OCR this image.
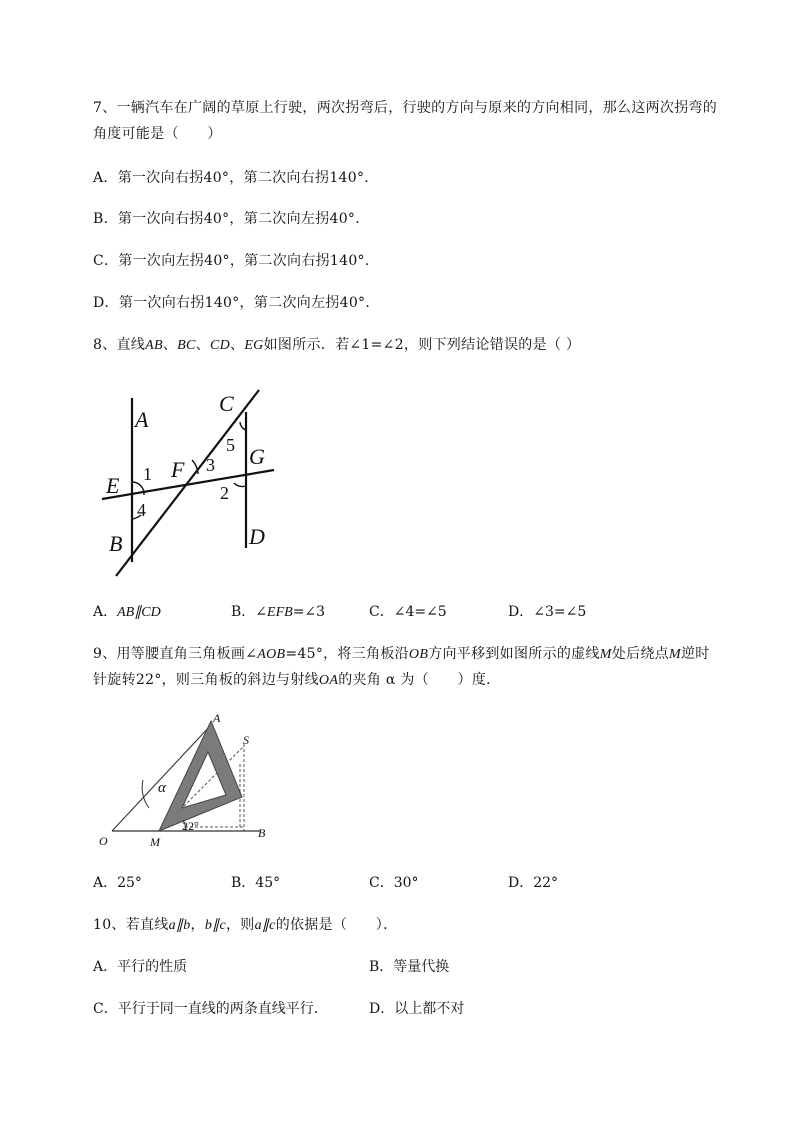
7、一辆汽车在广阔的草原上行驶，两次拐弯后，行驶的方向与原来的方向相同，那么这两次拐弯的
角度可能是（　　）
A．第一次向右拐40°，第二次向右拐140°．
B．第一次向右拐40°，第二次向左拐40°．
C．第一次向左拐40°，第二次向右拐140°．
D．第一次向右拐140°，第二次向左拐40°．
8、直线AB、BC、CD、EG如图所示．若∠1=∠2，则下列结论错误的是（ ）
A
C
G
E
F
B	D
1
2
3
4
5
A．AB∥CD	B．∠EFB=∠3	C．∠4=∠5	D．∠3=∠5
9、用等腰直角三角板画∠AOB=45°，将三角板沿OB方向平移到如图所示的虚线M处后绕点M逆时
针旋转22°，则三角板的斜边与射线OA的夹角 α 为（　　）度．
A
S
O	M
B
α
22°
A．25°	B．45°	C．30°	D．22°
10、若直线a∥b，b∥c，则a∥c的依据是（　　）．
A．平行的性质	B．等量代换
C．平行于同一直线的两条直线平行．	D．以上都不对
